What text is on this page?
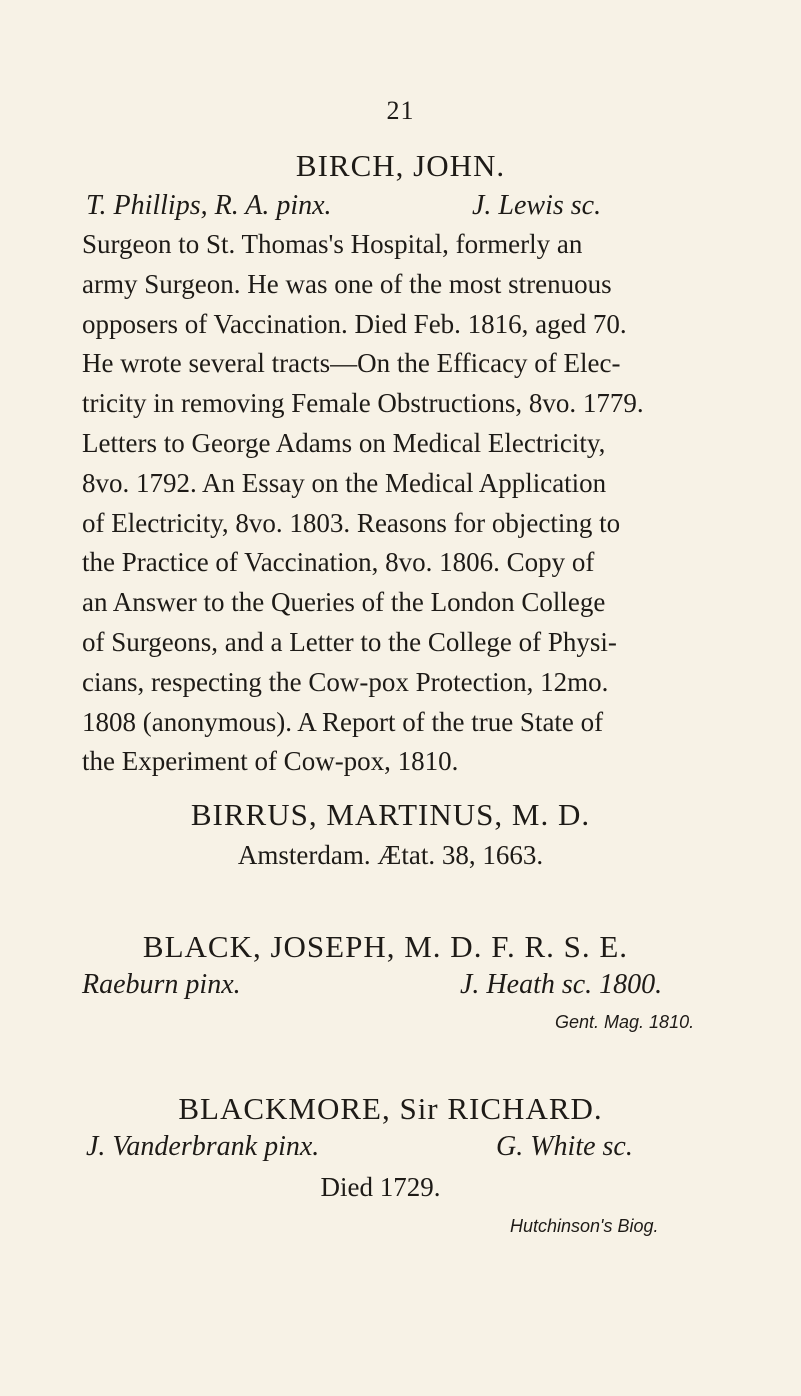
21
BIRCH, JOHN.
T. Phillips, R. A. pinx.	J. Lewis sc.
Surgeon to St. Thomas's Hospital, formerly an
army Surgeon. He was one of the most strenuous
opposers of Vaccination. Died Feb. 1816, aged 70.
He wrote several tracts—On the Efficacy of Elec-
tricity in removing Female Obstructions, 8vo. 1779.
Letters to George Adams on Medical Electricity,
8vo. 1792. An Essay on the Medical Application
of Electricity, 8vo. 1803. Reasons for objecting to
the Practice of Vaccination, 8vo. 1806. Copy of
an Answer to the Queries of the London College
of Surgeons, and a Letter to the College of Physi-
cians, respecting the Cow-pox Protection, 12mo.
1808 (anonymous). A Report of the true State of
the Experiment of Cow-pox, 1810.
BIRRUS, MARTINUS, M. D.
Amsterdam. Ætat. 38, 1663.
BLACK, JOSEPH, M. D. F. R. S. E.
Raeburn pinx.	J. Heath sc. 1800.
Gent. Mag. 1810.
BLACKMORE, Sir RICHARD.
J. Vanderbrank pinx.	G. White sc.
Died 1729.
Hutchinson's Biog.
